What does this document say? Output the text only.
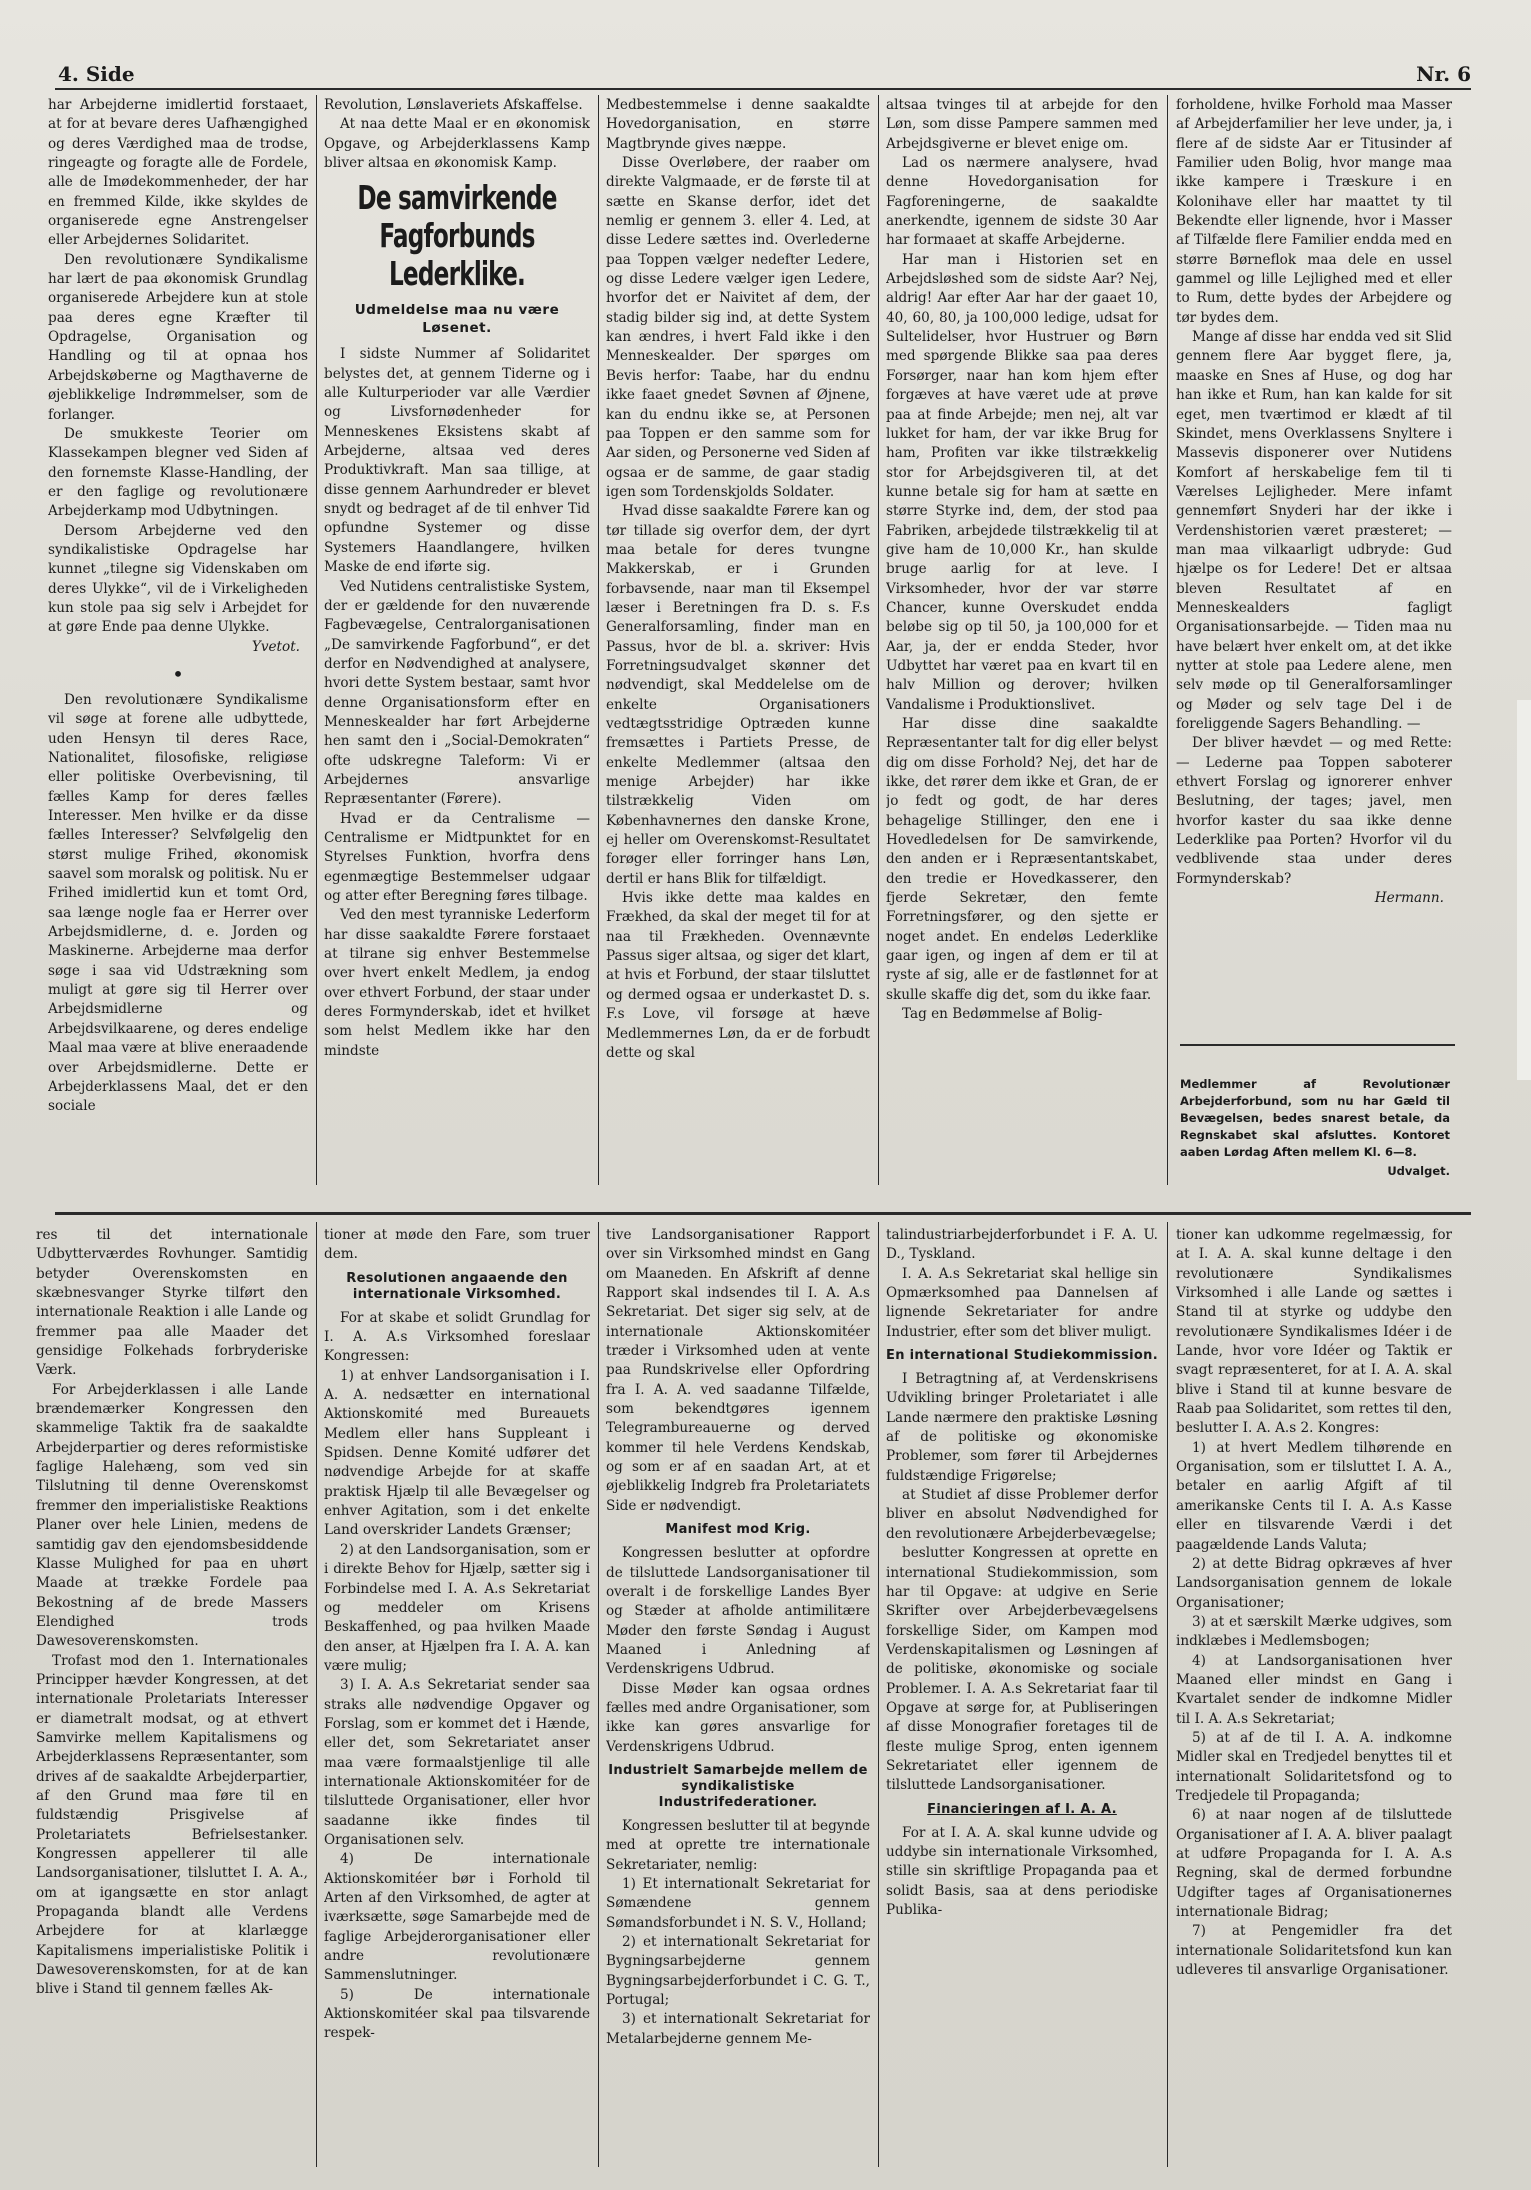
4. Side	Nr. 6

har Arbejderne imidlertid forstaaet, at for at bevare deres Uafhængighed og deres Værdighed maa de trodse, ringeagte og foragte alle de Fordele, alle de Imødekommenheder, der har en fremmed Kilde, ikke skyldes de organiserede egne Anstrengelser eller Arbejdernes Solidaritet.

Den revolutionære Syndikalisme har lært de paa økonomisk Grundlag organiserede Arbejdere kun at stole paa deres egne Kræfter til Opdragelse, Organisation og Handling og til at opnaa hos Arbejdskøberne og Magthaverne de øjeblikkelige Indrømmelser, som de forlanger.

De smukkeste Teorier om Klassekampen blegner ved Siden af den fornemste Klasse-Handling, der er den faglige og revolutionære Arbejderkamp mod Udbytningen.

Dersom Arbejderne ved den syndikalistiske Opdragelse har kunnet „tilegne sig Videnskaben om deres Ulykke“, vil de i Virkeligheden kun stole paa sig selv i Arbejdet for at gøre Ende paa denne Ulykke.

Yvetot.

•

Den revolutionære Syndikalisme vil søge at forene alle udbyttede, uden Hensyn til deres Race, Nationalitet, filosofiske, religiøse eller politiske Overbevisning, til fælles Kamp for deres fælles Interesser. Men hvilke er da disse fælles Interesser? Selvfølgelig den størst mulige Frihed, økonomisk saavel som moralsk og politisk. Nu er Frihed imidlertid kun et tomt Ord, saa længe nogle faa er Herrer over Arbejdsmidlerne, d. e. Jorden og Maskinerne. Arbejderne maa derfor søge i saa vid Udstrækning som muligt at gøre sig til Herrer over Arbejdsmidlerne og Arbejdsvilkaarene, og deres endelige Maal maa være at blive eneraadende over Arbejdsmidlerne. Dette er Arbejderklassens Maal, det er den sociale

Revolution, Lønslaveriets Afskaffelse.

At naa dette Maal er en økonomisk Opgave, og Arbejderklassens Kamp bliver altsaa en økonomisk Kamp.

De samvirkende Fagforbunds Lederklike.
Udmeldelse maa nu være Løsenet.

I sidste Nummer af Solidaritet belystes det, at gennem Tiderne og i alle Kulturperioder var alle Værdier og Livsfornødenheder for Menneskenes Eksistens skabt af Arbejderne, altsaa ved deres Produktivkraft. Man saa tillige, at disse gennem Aarhundreder er blevet snydt og bedraget af de til enhver Tid opfundne Systemer og disse Systemers Haandlangere, hvilken Maske de end iførte sig.

Ved Nutidens centralistiske System, der er gældende for den nuværende Fagbevægelse, Centralorganisationen „De samvirkende Fagforbund“, er det derfor en Nødvendighed at analysere, hvori dette System bestaar, samt hvor denne Organisationsform efter en Menneskealder har ført Arbejderne hen samt den i „Social-Demokraten“ ofte udskregne Taleform: Vi er Arbejdernes ansvarlige Repræsentanter (Førere).

Hvad er da Centralisme — Centralisme er Midtpunktet for en Styrelses Funktion, hvorfra dens egenmægtige Bestemmelser udgaar og atter efter Beregning føres tilbage.

Ved den mest tyranniske Lederform har disse saakaldte Førere forstaaet at tilrane sig enhver Bestemmelse over hvert enkelt Medlem, ja endog over ethvert Forbund, der staar under deres Formynderskab, idet et hvilket som helst Medlem ikke har den mindste

Medbestemmelse i denne saakaldte Hovedorganisation, en større Magtbrynde gives næppe.

Disse Overløbere, der raaber om direkte Valgmaade, er de første til at sætte en Skanse derfor, idet det nemlig er gennem 3. eller 4. Led, at disse Ledere sættes ind. Overlederne paa Toppen vælger nedefter Ledere, og disse Ledere vælger igen Ledere, hvorfor det er Naivitet af dem, der stadig bilder sig ind, at dette System kan ændres, i hvert Fald ikke i den Menneskealder. Der spørges om Bevis herfor: Taabe, har du endnu ikke faaet gnedet Søvnen af Øjnene, kan du endnu ikke se, at Personen paa Toppen er den samme som for Aar siden, og Personerne ved Siden af ogsaa er de samme, de gaar stadig igen som Tordenskjolds Soldater.

Hvad disse saakaldte Førere kan og tør tillade sig overfor dem, der dyrt maa betale for deres tvungne Makkerskab, er i Grunden forbavsende, naar man til Eksempel læser i Beretningen fra D. s. F.s Generalforsamling, finder man en Passus, hvor de bl. a. skriver: Hvis Forretningsudvalget skønner det nødvendigt, skal Meddelelse om de enkelte Organisationers vedtægtsstridige Optræden kunne fremsættes i Partiets Presse, de enkelte Medlemmer (altsaa den menige Arbejder) har ikke tilstrækkelig Viden om Københavnernes den danske Krone, ej heller om Overenskomst-Resultatet forøger eller forringer hans Løn, dertil er hans Blik for tilfældigt.

Hvis ikke dette maa kaldes en Frækhed, da skal der meget til for at naa til Frækheden. Ovennævnte Passus siger altsaa, og siger det klart, at hvis et Forbund, der staar tilsluttet og dermed ogsaa er underkastet D. s. F.s Love, vil forsøge at hæve Medlemmernes Løn, da er de forbudt dette og skal

altsaa tvinges til at arbejde for den Løn, som disse Pampere sammen med Arbejdsgiverne er blevet enige om.

Lad os nærmere analysere, hvad denne Hovedorganisation for Fagforeningerne, de saakaldte anerkendte, igennem de sidste 30 Aar har formaaet at skaffe Arbejderne.

Har man i Historien set en Arbejdsløshed som de sidste Aar? Nej, aldrig! Aar efter Aar har der gaaet 10, 40, 60, 80, ja 100,000 ledige, udsat for Sultelidelser, hvor Hustruer og Børn med spørgende Blikke saa paa deres Forsørger, naar han kom hjem efter forgæves at have været ude at prøve paa at finde Arbejde; men nej, alt var lukket for ham, der var ikke Brug for ham, Profiten var ikke tilstrækkelig stor for Arbejdsgiveren til, at det kunne betale sig for ham at sætte en større Styrke ind, dem, der stod paa Fabriken, arbejdede tilstrækkelig til at give ham de 10,000 Kr., han skulde bruge aarlig for at leve. I Virksomheder, hvor der var større Chancer, kunne Overskudet endda beløbe sig op til 50, ja 100,000 for et Aar, ja, der er endda Steder, hvor Udbyttet har været paa en kvart til en halv Million og derover; hvilken Vandalisme i Produktionslivet.

Har disse dine saakaldte Repræsentanter talt for dig eller belyst dig om disse Forhold? Nej, det har de ikke, det rører dem ikke et Gran, de er jo fedt og godt, de har deres behagelige Stillinger, den ene i Hovedledelsen for De samvirkende, den anden er i Repræsentantskabet, den tredie er Hovedkasserer, den fjerde Sekretær, den femte Forretningsfører, og den sjette er noget andet. En endeløs Lederklike gaar igen, og ingen af dem er til at ryste af sig, alle er de fastlønnet for at skulle skaffe dig det, som du ikke faar.

Tag en Bedømmelse af Bolig-

forholdene, hvilke Forhold maa Masser af Arbejderfamilier her leve under, ja, i flere af de sidste Aar er Titusinder af Familier uden Bolig, hvor mange maa ikke kampere i Træskure i en Kolonihave eller har maattet ty til Bekendte eller lignende, hvor i Masser af Tilfælde flere Familier endda med en større Børneflok maa dele en ussel gammel og lille Lejlighed med et eller to Rum, dette bydes der Arbejdere og tør bydes dem.

Mange af disse har endda ved sit Slid gennem flere Aar bygget flere, ja, maaske en Snes af Huse, og dog har han ikke et Rum, han kan kalde for sit eget, men tværtimod er klædt af til Skindet, mens Overklassens Snyltere i Massevis disponerer over Nutidens Komfort af herskabelige fem til ti Værelses Lejligheder. Mere infamt gennemført Snyderi har der ikke i Verdenshistorien været præsteret; — man maa vilkaarligt udbryde: Gud hjælpe os for Ledere! Det er altsaa bleven Resultatet af en Menneskealders fagligt Organisationsarbejde. — Tiden maa nu have belært hver enkelt om, at det ikke nytter at stole paa Ledere alene, men selv møde op til Generalforsamlinger og Møder og selv tage Del i de foreliggende Sagers Behandling. —

Der bliver hævdet — og med Rette: — Lederne paa Toppen saboterer ethvert Forslag og ignorerer enhver Beslutning, der tages; javel, men hvorfor kaster du saa ikke denne Lederklike paa Porten? Hvorfor vil du vedblivende staa under deres Formynderskab?

Hermann.

Medlemmer af Revolutionær Arbejderforbund, som nu har Gæld til Bevægelsen, bedes snarest betale, da Regnskabet skal afsluttes. Kontoret aaben Lørdag Aften mellem Kl. 6—8.
Udvalget.

res til det internationale Udbytterværdes Rovhunger. Samtidig betyder Overenskomsten en skæbnesvanger Styrke tilført den internationale Reaktion i alle Lande og fremmer paa alle Maader det gensidige Folkehads forbryderiske Værk.

For Arbejderklassen i alle Lande brændemærker Kongressen den skammelige Taktik fra de saakaldte Arbejderpartier og deres reformistiske faglige Halehæng, som ved sin Tilslutning til denne Overenskomst fremmer den imperialistiske Reaktions Planer over hele Linien, medens de samtidig gav den ejendomsbesiddende Klasse Mulighed for paa en uhørt Maade at trække Fordele paa Bekostning af de brede Massers Elendighed trods Dawesoverenskomsten.

Trofast mod den 1. Internationales Principper hævder Kongressen, at det internationale Proletariats Interesser er diametralt modsat, og at ethvert Samvirke mellem Kapitalismens og Arbejderklassens Repræsentanter, som drives af de saakaldte Arbejderpartier, af den Grund maa føre til en fuldstændig Prisgivelse af Proletariatets Befrielsestanker. Kongressen appellerer til alle Landsorganisationer, tilsluttet I. A. A., om at igangsætte en stor anlagt Propaganda blandt alle Verdens Arbejdere for at klarlægge Kapitalismens imperialistiske Politik i Dawesoverenskomsten, for at de kan blive i Stand til gennem fælles Ak-

tioner at møde den Fare, som truer dem.

Resolutionen angaaende den internationale Virksomhed.

For at skabe et solidt Grundlag for I. A. A.s Virksomhed foreslaar Kongressen:

1) at enhver Landsorganisation i I. A. A. nedsætter en international Aktionskomité med Bureauets Medlem eller hans Suppleant i Spidsen. Denne Komité udfører det nødvendige Arbejde for at skaffe praktisk Hjælp til alle Bevægelser og enhver Agitation, som i det enkelte Land overskrider Landets Grænser;

2) at den Landsorganisation, som er i direkte Behov for Hjælp, sætter sig i Forbindelse med I. A. A.s Sekretariat og meddeler om Krisens Beskaffenhed, og paa hvilken Maade den anser, at Hjælpen fra I. A. A. kan være mulig;

3) I. A. A.s Sekretariat sender saa straks alle nødvendige Opgaver og Forslag, som er kommet det i Hænde, eller det, som Sekretariatet anser maa være formaalstjenlige til alle internationale Aktionskomitéer for de tilsluttede Organisationer, eller hvor saadanne ikke findes til Organisationen selv.

4) De internationale Aktionskomitéer bør i Forhold til Arten af den Virksomhed, de agter at iværksætte, søge Samarbejde med de faglige Arbejderorganisationer eller andre revolutionære Sammenslutninger.

5) De internationale Aktionskomitéer skal paa tilsvarende respek-

tive Landsorganisationer Rapport over sin Virksomhed mindst en Gang om Maaneden. En Afskrift af denne Rapport skal indsendes til I. A. A.s Sekretariat. Det siger sig selv, at de internationale Aktionskomitéer træder i Virksomhed uden at vente paa Rundskrivelse eller Opfordring fra I. A. A. ved saadanne Tilfælde, som bekendtgøres igennem Telegrambureauerne og derved kommer til hele Verdens Kendskab, og som er af en saadan Art, at et øjeblikkelig Indgreb fra Proletariatets Side er nødvendigt.

Manifest mod Krig.

Kongressen beslutter at opfordre de tilsluttede Landsorganisationer til overalt i de forskellige Landes Byer og Stæder at afholde antimilitære Møder den første Søndag i August Maaned i Anledning af Verdenskrigens Udbrud.

Disse Møder kan ogsaa ordnes fælles med andre Organisationer, som ikke kan gøres ansvarlige for Verdenskrigens Udbrud.

Industrielt Samarbejde mellem de syndikalistiske Industrifederationer.

Kongressen beslutter til at begynde med at oprette tre internationale Sekretariater, nemlig:

1) Et internationalt Sekretariat for Sømændene gennem Sømandsforbundet i N. S. V., Holland;

2) et internationalt Sekretariat for Bygningsarbejderne gennem Bygningsarbejderforbundet i C. G. T., Portugal;

3) et internationalt Sekretariat for Metalarbejderne gennem Me-

talindustriarbejderforbundet i F. A. U. D., Tyskland.

I. A. A.s Sekretariat skal hellige sin Opmærksomhed paa Dannelsen af lignende Sekretariater for andre Industrier, efter som det bliver muligt.

En international Studiekommission.

I Betragtning af, at Verdenskrisens Udvikling bringer Proletariatet i alle Lande nærmere den praktiske Løsning af de politiske og økonomiske Problemer, som fører til Arbejdernes fuldstændige Frigørelse;

at Studiet af disse Problemer derfor bliver en absolut Nødvendighed for den revolutionære Arbejderbevægelse;

beslutter Kongressen at oprette en international Studiekommission, som har til Opgave: at udgive en Serie Skrifter over Arbejderbevægelsens forskellige Sider, om Kampen mod Verdenskapitalismen og Løsningen af de politiske, økonomiske og sociale Problemer. I. A. A.s Sekretariat faar til Opgave at sørge for, at Publiseringen af disse Monografier foretages til de fleste mulige Sprog, enten igennem Sekretariatet eller igennem de tilsluttede Landsorganisationer.

Financieringen af I. A. A.

For at I. A. A. skal kunne udvide og uddybe sin internationale Virksomhed, stille sin skriftlige Propaganda paa et solidt Basis, saa at dens periodiske Publika-

tioner kan udkomme regelmæssig, for at I. A. A. skal kunne deltage i den revolutionære Syndikalismes Virksomhed i alle Lande og sættes i Stand til at styrke og uddybe den revolutionære Syndikalismes Idéer i de Lande, hvor vore Idéer og Taktik er svagt repræsenteret, for at I. A. A. skal blive i Stand til at kunne besvare de Raab paa Solidaritet, som rettes til den, beslutter I. A. A.s 2. Kongres:

1) at hvert Medlem tilhørende en Organisation, som er tilsluttet I. A. A., betaler en aarlig Afgift af til amerikanske Cents til I. A. A.s Kasse eller en tilsvarende Værdi i det paagældende Lands Valuta;

2) at dette Bidrag opkræves af hver Landsorganisation gennem de lokale Organisationer;

3) at et særskilt Mærke udgives, som indklæbes i Medlemsbogen;

4) at Landsorganisationen hver Maaned eller mindst en Gang i Kvartalet sender de indkomne Midler til I. A. A.s Sekretariat;

5) at af de til I. A. A. indkomne Midler skal en Tredjedel benyttes til et internationalt Solidaritetsfond og to Tredjedele til Propaganda;

6) at naar nogen af de tilsluttede Organisationer af I. A. A. bliver paalagt at udføre Propaganda for I. A. A.s Regning, skal de dermed forbundne Udgifter tages af Organisationernes internationale Bidrag;

7) at Pengemidler fra det internationale Solidaritetsfond kun kan udleveres til ansvarlige Organisationer.
